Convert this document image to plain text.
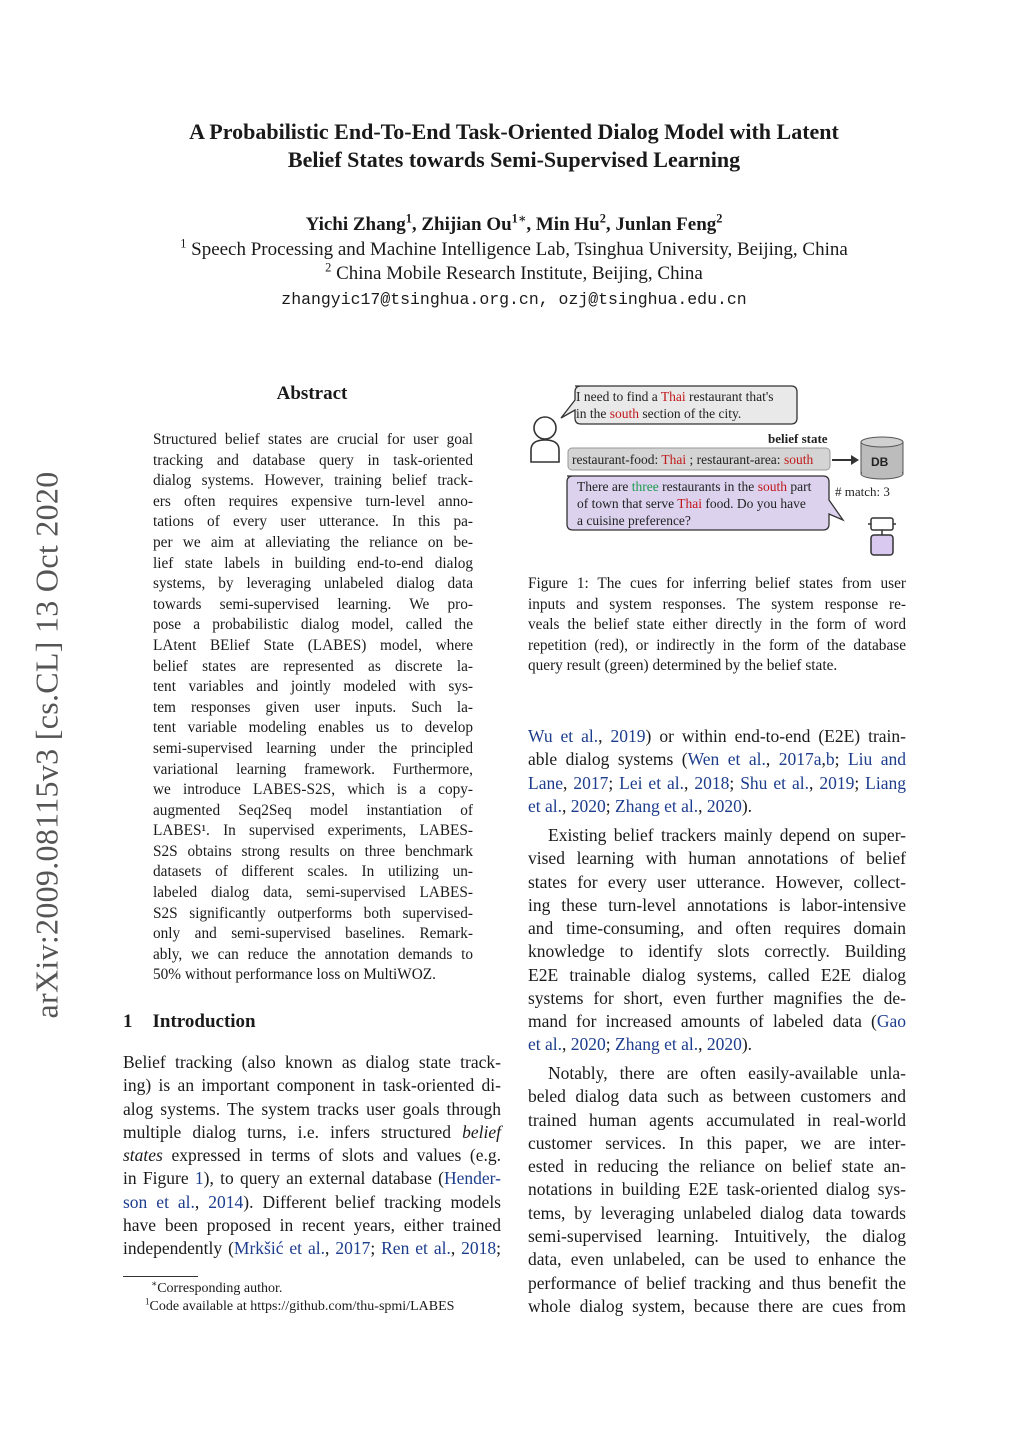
A Probabilistic End-To-End Task-Oriented Dialog Model with Latent
Belief States towards Semi-Supervised Learning
Yichi Zhang$^1$, Zhijian $Ou^{1∗}$, Min Hu$^2$, Junlan Feng$^2$
$^1$ Speech Processing and Machine Intelligence Lab, Tsinghua University, Beijing, China
$^2$ China Mobile Research Institute, Beijing, China
zhangyic17@tsinghua.org.cn, ozj@tsinghua.edu.cn
arXiv:2009.08115v3 [cs.CL] 13 Oct 2020
Abstract
Structured belief states are crucial for user goal
tracking and database query in task-oriented
dialog systems. However, training belief track-
ers often requires expensive turn-level anno-
tations of every user utterance. In this pa-
per we aim at alleviating the reliance on be-
lief state labels in building end-to-end dialog
systems, by leveraging unlabeled dialog data
towards semi-supervised learning. We pro-
pose a probabilistic dialog model, called the
LAtent BElief State (LABES) model, where
belief states are represented as discrete la-
tent variables and jointly modeled with sys-
tem responses given user inputs. Such la-
tent variable modeling enables us to develop
semi-supervised learning under the principled
variational learning framework. Furthermore,
we introduce LABES-S2S, which is a copy-
augmented Seq2Seq model instantiation of
LABES¹. In supervised experiments, LABES-
S2S obtains strong results on three benchmark
datasets of different scales. In utilizing un-
labeled dialog data, semi-supervised LABES-
S2S significantly outperforms both supervised-
only and semi-supervised baselines. Remark-
ably, we can reduce the annotation demands to
50% without performance loss on MultiWOZ.
1 Introduction
Belief tracking (also known as dialog state track-
ing) is an important component in task-oriented di-
alog systems. The system tracks user goals through
multiple dialog turns, i.e. infers structured belief
states expressed in terms of slots and values (e.g.
in Figure 1), to query an external database (Hender-
son et al., 2014). Different belief tracking models
have been proposed in recent years, either trained
independently (Mrkšić et al., 2017; Ren et al., 2018;
∗Corresponding author.
$^1$Code available at https://github.com/thu-spmi/LABES
I need to find a Thai restaurant that's
in the south section of the city.
belief state
restaurant-food: Thai ; restaurant-area: south	DB
# match: 3
There are three restaurants in the south part
of town that serve Thai food. Do you have
a cuisine preference?
Figure 1: The cues for inferring belief states from user
inputs and system responses. The system response re-
veals the belief state either directly in the form of word
repetition (red), or indirectly in the form of the database
query result (green) determined by the belief state.
Wu et al., 2019) or within end-to-end (E2E) train-
able dialog systems (Wen et al., 2017a,b; Liu and
Lane, 2017; Lei et al., 2018; Shu et al., 2019; Liang
et al., 2020; Zhang et al., 2020).
Existing belief trackers mainly depend on super-
vised learning with human annotations of belief
states for every user utterance. However, collect-
ing these turn-level annotations is labor-intensive
and time-consuming, and often requires domain
knowledge to identify slots correctly. Building
E2E trainable dialog systems, called E2E dialog
systems for short, even further magnifies the de-
mand for increased amounts of labeled data (Gao
et al., 2020; Zhang et al., 2020).
Notably, there are often easily-available unla-
beled dialog data such as between customers and
trained human agents accumulated in real-world
customer services. In this paper, we are inter-
ested in reducing the reliance on belief state an-
notations in building E2E task-oriented dialog sys-
tems, by leveraging unlabeled dialog data towards
semi-supervised learning. Intuitively, the dialog
data, even unlabeled, can be used to enhance the
performance of belief tracking and thus benefit the
whole dialog system, because there are cues from
